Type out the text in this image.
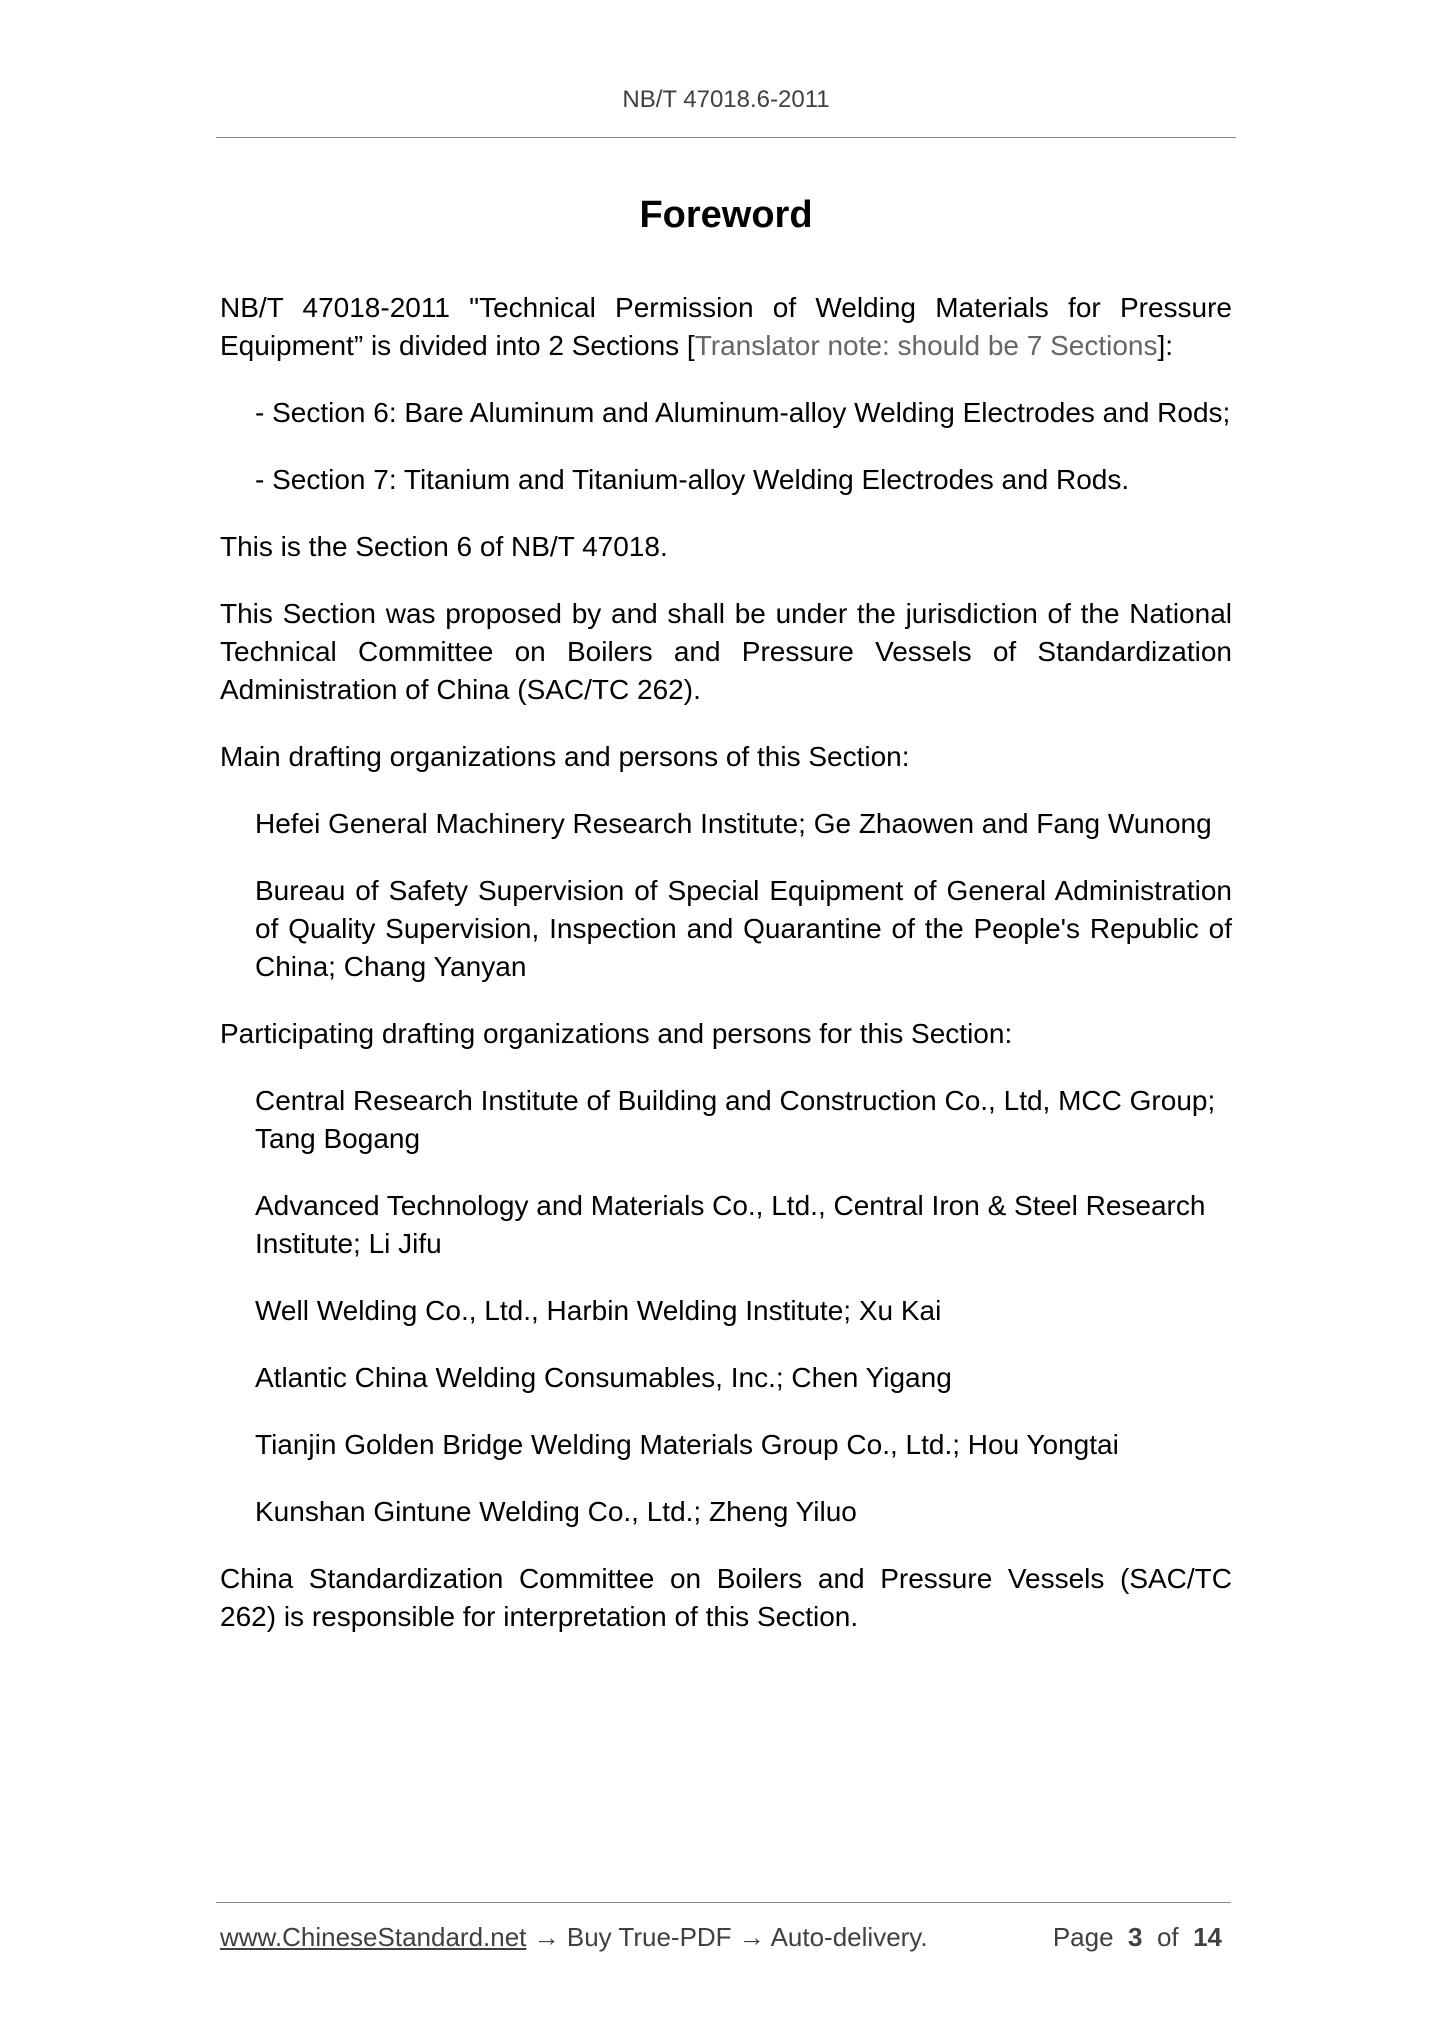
NB/T 47018.6-2011
Foreword

NB/T 47018-2011 "Technical Permission of Welding Materials for Pressure Equipment” is divided into 2 Sections [Translator note: should be 7 Sections]:

- Section 6: Bare Aluminum and Aluminum-alloy Welding Electrodes and Rods;

- Section 7: Titanium and Titanium-alloy Welding Electrodes and Rods.

This is the Section 6 of NB/T 47018.

This Section was proposed by and shall be under the jurisdiction of the National Technical Committee on Boilers and Pressure Vessels of Standardization Administration of China (SAC/TC 262).

Main drafting organizations and persons of this Section:

Hefei General Machinery Research Institute; Ge Zhaowen and Fang Wunong

Bureau of Safety Supervision of Special Equipment of General Administration of Quality Supervision, Inspection and Quarantine of the People's Republic of China; Chang Yanyan

Participating drafting organizations and persons for this Section:

Central Research Institute of Building and Construction Co., Ltd, MCC Group; Tang Bogang

Advanced Technology and Materials Co., Ltd., Central Iron & Steel Research Institute; Li Jifu

Well Welding Co., Ltd., Harbin Welding Institute; Xu Kai

Atlantic China Welding Consumables, Inc.; Chen Yigang

Tianjin Golden Bridge Welding Materials Group Co., Ltd.; Hou Yongtai

Kunshan Gintune Welding Co., Ltd.; Zheng Yiluo

China Standardization Committee on Boilers and Pressure Vessels (SAC/TC 262) is responsible for interpretation of this Section.

www.ChineseStandard.net → Buy True-PDF → Auto-delivery.	Page 3 of 14
